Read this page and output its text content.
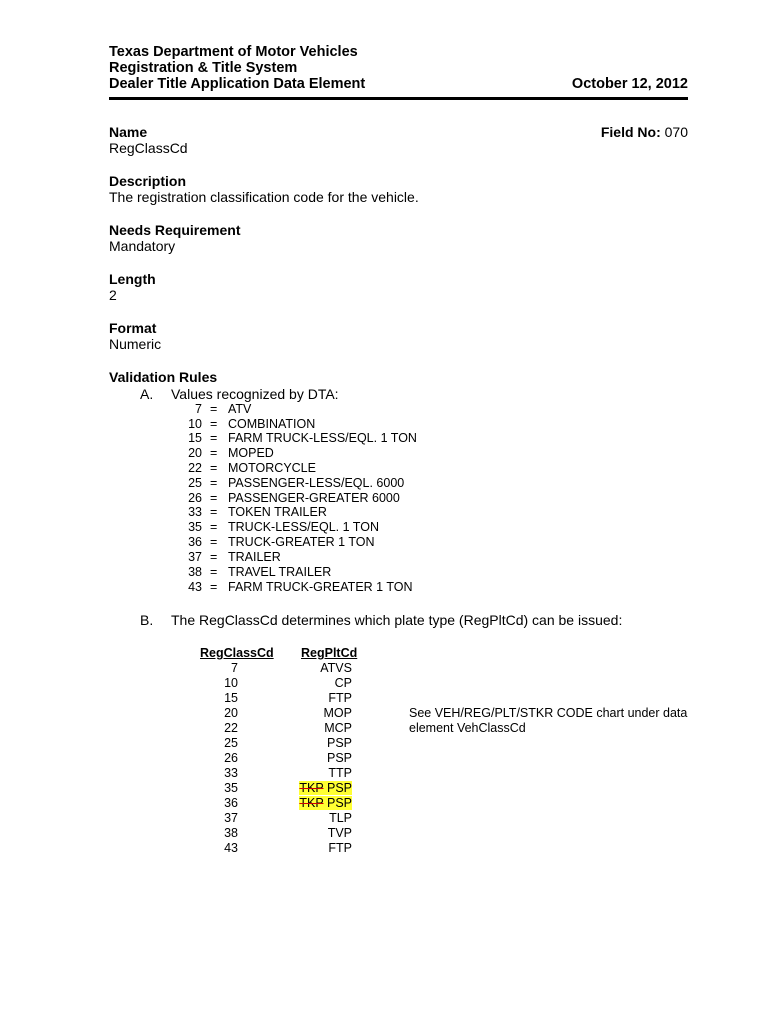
Texas Department of Motor Vehicles
Registration & Title System
Dealer Title Application Data Element	October 12, 2012
Name
RegClassCd
Field No: 070
Description
The registration classification code for the vehicle.
Needs Requirement
Mandatory
Length
2
Format
Numeric
Validation Rules
A. Values recognized by DTA:
7 = ATV
10 = COMBINATION
15 = FARM TRUCK-LESS/EQL. 1 TON
20 = MOPED
22 = MOTORCYCLE
25 = PASSENGER-LESS/EQL. 6000
26 = PASSENGER-GREATER 6000
33 = TOKEN TRAILER
35 = TRUCK-LESS/EQL. 1 TON
36 = TRUCK-GREATER 1 TON
37 = TRAILER
38 = TRAVEL TRAILER
43 = FARM TRUCK-GREATER 1 TON
B. The RegClassCd determines which plate type (RegPltCd) can be issued:
RegClassCd RegPltCd
7	ATVS
10	CP
15	FTP
20	MOP
22	MCP
25	PSP
26	PSP
33	TTP
35	TKP PSP
36	TKP PSP
37	TLP
38	TVP
43	FTP
See VEH/REG/PLT/STKR CODE chart under data element VehClassCd
